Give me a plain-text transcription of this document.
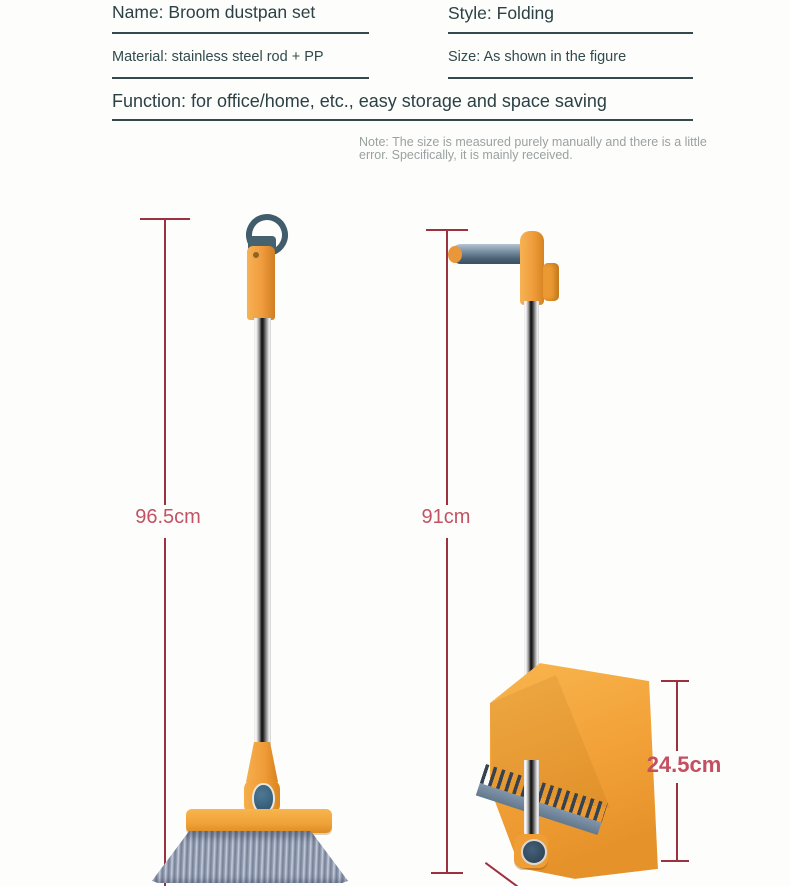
Name: Broom dustpan set	Style: Folding
Material: stainless steel rod + PP	Size: As shown in the figure
Function: for office/home, etc., easy storage and space saving
Note: The size is measured purely manually and there is a little
error. Specifically, it is mainly received.
96.5cm	91cm
24.5cm
